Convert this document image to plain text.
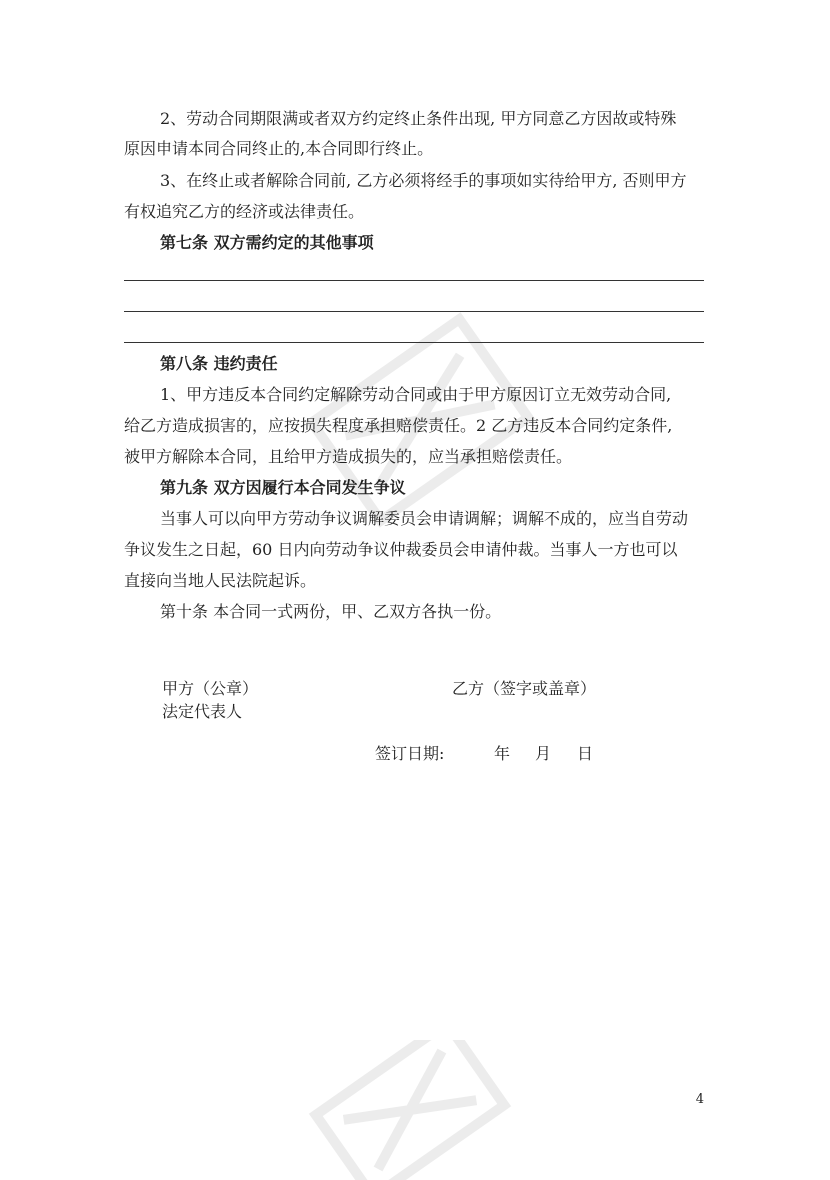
2、劳动合同期限满或者双方约定终止条件出现, 甲方同意乙方因故或特殊
原因申请本同合同终止的,本合同即行终止。
3、在终止或者解除合同前, 乙方必须将经手的事项如实待给甲方, 否则甲方
有权追究乙方的经济或法律责任。
第七条 双方需约定的其他事项
第八条 违约责任
1、甲方违反本合同约定解除劳动合同或由于甲方原因订立无效劳动合同,
给乙方造成损害的，应按损失程度承担赔偿责任。2 乙方违反本合同约定条件,
被甲方解除本合同，且给甲方造成损失的，应当承担赔偿责任。
第九条 双方因履行本合同发生争议
当事人可以向甲方劳动争议调解委员会申请调解；调解不成的，应当自劳动
争议发生之日起，60 日内向劳动争议仲裁委员会申请仲裁。当事人一方也可以
直接向当地人民法院起诉。
第十条 本合同一式两份，甲、乙双方各执一份。
甲方（公章）	乙方（签字或盖章）
法定代表人
签订日期:	年 月 日
4
